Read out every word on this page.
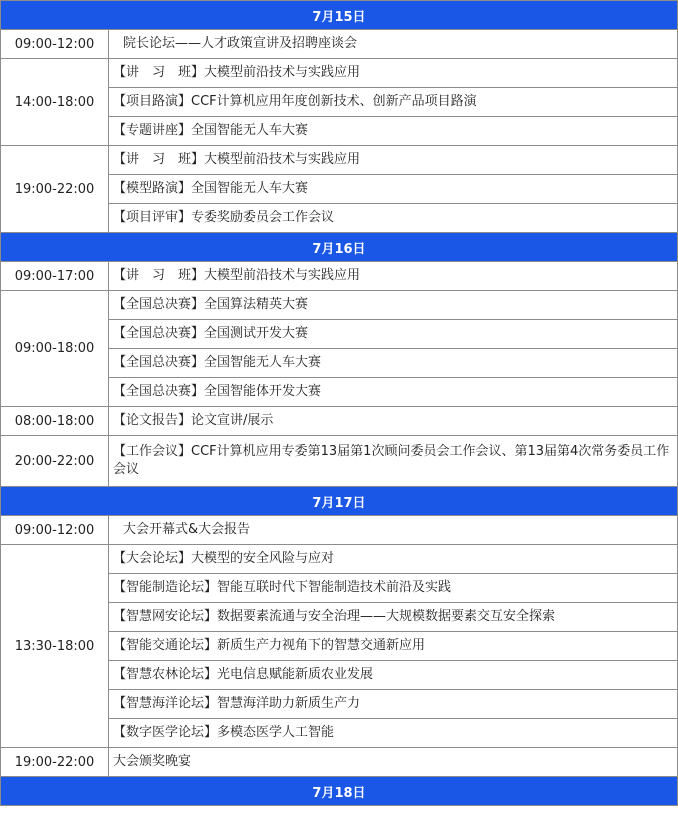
7月15日	
09:00-12:00	院长论坛——人才政策宣讲及招聘座谈会
14:00-18:00	【讲　习　班】大模型前沿技术与实践应用
	【项目路演】CCF计算机应用年度创新技术、创新产品项目路演
	【专题讲座】全国智能无人车大赛
19:00-22:00	【讲　习　班】大模型前沿技术与实践应用
	【模型路演】全国智能无人车大赛
	【项目评审】专委奖励委员会工作会议
7月16日	
09:00-17:00	【讲　习　班】大模型前沿技术与实践应用
09:00-18:00	【全国总决赛】全国算法精英大赛
	【全国总决赛】全国测试开发大赛
	【全国总决赛】全国智能无人车大赛
	【全国总决赛】全国智能体开发大赛
08:00-18:00	【论文报告】论文宣讲/展示
20:00-22:00	【工作会议】CCF计算机应用专委第13届第1次顾问委员会工作会议、第13届第4次常务委员工作会议
7月17日	
09:00-12:00	大会开幕式&大会报告
13:30-18:00	【大会论坛】大模型的安全风险与应对
	【智能制造论坛】智能互联时代下智能制造技术前沿及实践
	【智慧网安论坛】数据要素流通与安全治理——大规模数据要素交互安全探索
	【智能交通论坛】新质生产力视角下的智慧交通新应用
	【智慧农林论坛】光电信息赋能新质农业发展
	【智慧海洋论坛】智慧海洋助力新质生产力
	【数字医学论坛】多模态医学人工智能
19:00-22:00	大会颁奖晚宴
7月18日	
